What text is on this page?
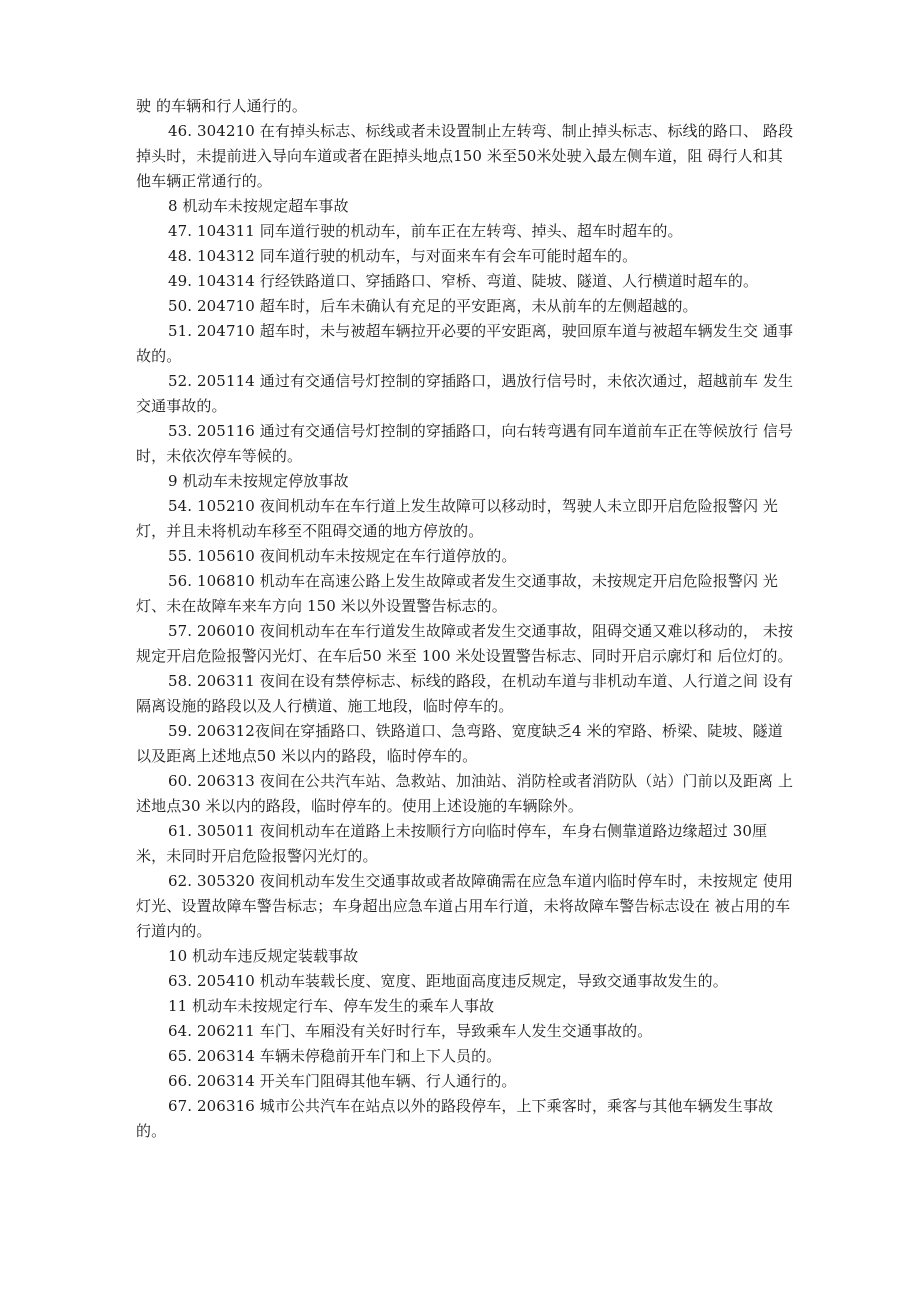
驶 的车辆和行人通行的。

46. 304210 在有掉头标志、标线或者未设置制止左转弯、制止掉头标志、标线的路口、 路段掉头时，未提前进入导向车道或者在距掉头地点150 米至50米处驶入最左侧车道，阻 碍行人和其他车辆正常通行的。

8 机动车未按规定超车事故

47. 104311 同车道行驶的机动车，前车正在左转弯、掉头、超车时超车的。

48. 104312 同车道行驶的机动车，与对面来车有会车可能时超车的。

49. 104314 行经铁路道口、穿插路口、窄桥、弯道、陡坡、隧道、人行横道时超车的。

50. 204710 超车时，后车未确认有充足的平安距离，未从前车的左侧超越的。

51. 204710 超车时，未与被超车辆拉开必要的平安距离，驶回原车道与被超车辆发生交 通事故的。

52. 205114 通过有交通信号灯控制的穿插路口，遇放行信号时，未依次通过，超越前车 发生交通事故的。

53. 205116 通过有交通信号灯控制的穿插路口，向右转弯遇有同车道前车正在等候放行 信号时，未依次停车等候的。

9 机动车未按规定停放事故

54. 105210 夜间机动车在车行道上发生故障可以移动时，驾驶人未立即开启危险报警闪 光灯，并且未将机动车移至不阻碍交通的地方停放的。

55. 105610 夜间机动车未按规定在车行道停放的。

56. 106810 机动车在高速公路上发生故障或者发生交通事故，未按规定开启危险报警闪 光灯、未在故障车来车方向 150 米以外设置警告标志的。

57. 206010 夜间机动车在车行道发生故障或者发生交通事故，阻碍交通又难以移动的， 未按规定开启危险报警闪光灯、在车后50 米至 100 米处设置警告标志、同时开启示廓灯和 后位灯的。

58. 206311 夜间在设有禁停标志、标线的路段，在机动车道与非机动车道、人行道之间 设有隔离设施的路段以及人行横道、施工地段，临时停车的。

59. 206312夜间在穿插路口、铁路道口、急弯路、宽度缺乏4 米的窄路、桥梁、陡坡、隧道以及距离上述地点50 米以内的路段，临时停车的。

60. 206313 夜间在公共汽车站、急救站、加油站、消防栓或者消防队（站）门前以及距离 上述地点30 米以内的路段，临时停车的。使用上述设施的车辆除外。

61. 305011 夜间机动车在道路上未按顺行方向临时停车，车身右侧靠道路边缘超过 30厘米，未同时开启危险报警闪光灯的。

62. 305320 夜间机动车发生交通事故或者故障确需在应急车道内临时停车时，未按规定 使用灯光、设置故障车警告标志；车身超出应急车道占用车行道，未将故障车警告标志设在 被占用的车行道内的。

10 机动车违反规定装载事故

63. 205410 机动车装载长度、宽度、距地面高度违反规定，导致交通事故发生的。

11 机动车未按规定行车、停车发生的乘车人事故

64. 206211 车门、车厢没有关好时行车，导致乘车人发生交通事故的。

65. 206314 车辆未停稳前开车门和上下人员的。

66. 206314 开关车门阻碍其他车辆、行人通行的。

67. 206316 城市公共汽车在站点以外的路段停车，上下乘客时，乘客与其他车辆发生事故的。
